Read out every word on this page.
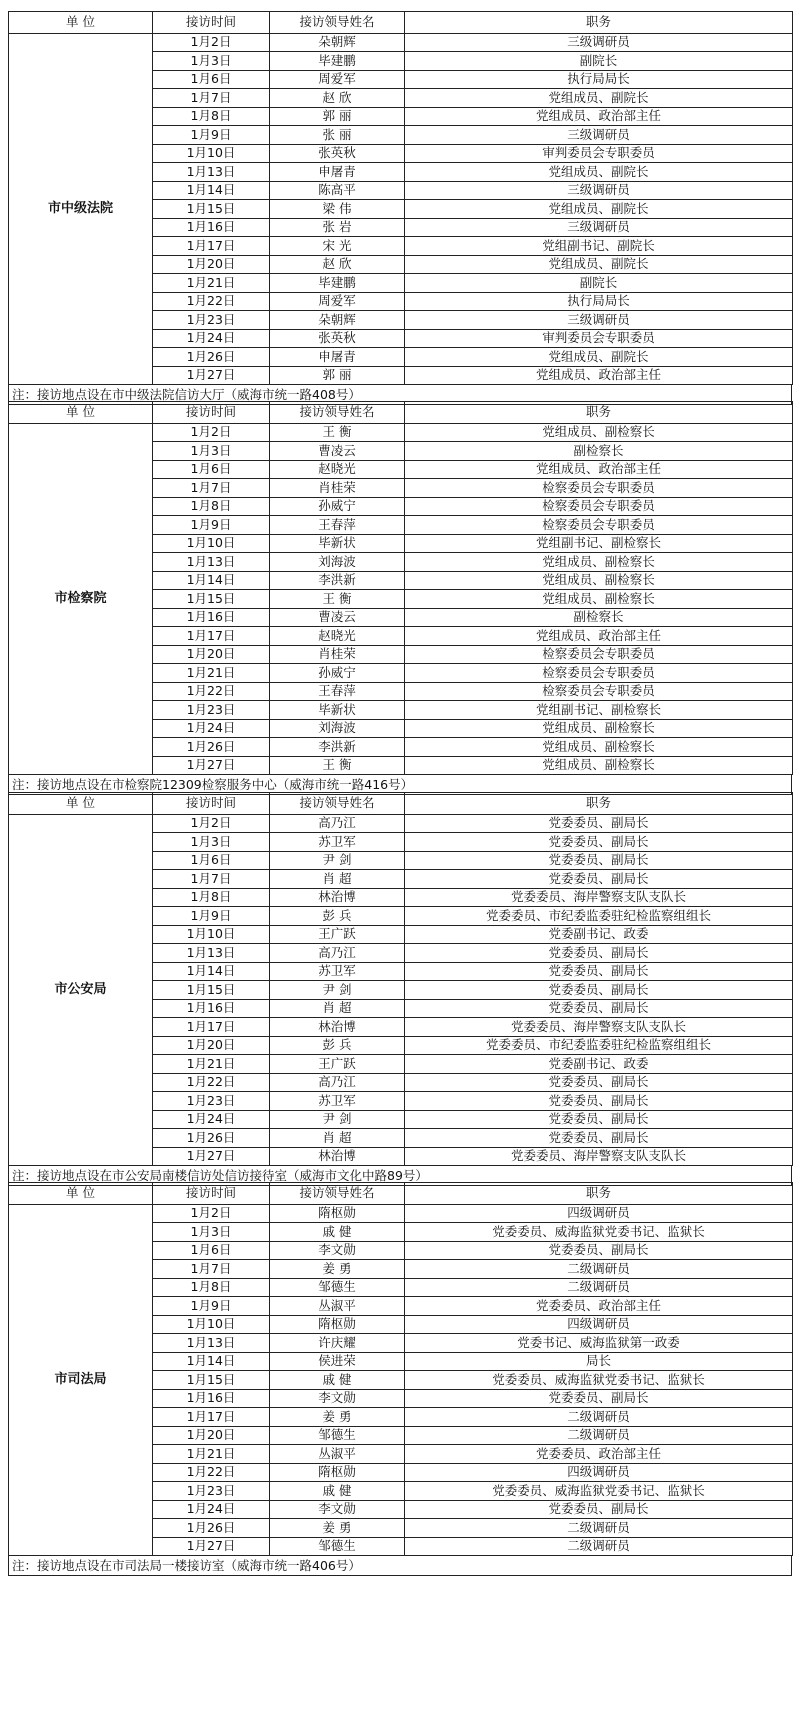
单 位	接访时间	接访领导姓名	职务
市中级法院	1月2日	朵朝辉	三级调研员
	1月3日	毕建鹏	副院长
	1月6日	周爱军	执行局局长
	1月7日	赵 欣	党组成员、副院长
	1月8日	郭 丽	党组成员、政治部主任
	1月9日	张 丽	三级调研员
	1月10日	张英秋	审判委员会专职委员
	1月13日	申屠青	党组成员、副院长
	1月14日	陈高平	三级调研员
	1月15日	梁 伟	党组成员、副院长
	1月16日	张 岩	三级调研员
	1月17日	宋 光	党组副书记、副院长
	1月20日	赵 欣	党组成员、副院长
	1月21日	毕建鹏	副院长
	1月22日	周爱军	执行局局长
	1月23日	朵朝辉	三级调研员
	1月24日	张英秋	审判委员会专职委员
	1月26日	申屠青	党组成员、副院长
	1月27日	郭 丽	党组成员、政治部主任
注：接访地点设在市中级法院信访大厅（威海市统一路408号）
单 位	接访时间	接访领导姓名	职务
市检察院	1月2日	王 衡	党组成员、副检察长
	1月3日	曹凌云	副检察长
	1月6日	赵晓光	党组成员、政治部主任
	1月7日	肖桂荣	检察委员会专职委员
	1月8日	孙威宁	检察委员会专职委员
	1月9日	王春萍	检察委员会专职委员
	1月10日	毕新状	党组副书记、副检察长
	1月13日	刘海波	党组成员、副检察长
	1月14日	李洪新	党组成员、副检察长
	1月15日	王 衡	党组成员、副检察长
	1月16日	曹凌云	副检察长
	1月17日	赵晓光	党组成员、政治部主任
	1月20日	肖桂荣	检察委员会专职委员
	1月21日	孙威宁	检察委员会专职委员
	1月22日	王春萍	检察委员会专职委员
	1月23日	毕新状	党组副书记、副检察长
	1月24日	刘海波	党组成员、副检察长
	1月26日	李洪新	党组成员、副检察长
	1月27日	王 衡	党组成员、副检察长
注：接访地点设在市检察院12309检察服务中心（威海市统一路416号）
单 位	接访时间	接访领导姓名	职务
市公安局	1月2日	高乃江	党委委员、副局长
	1月3日	苏卫军	党委委员、副局长
	1月6日	尹 剑	党委委员、副局长
	1月7日	肖 超	党委委员、副局长
	1月8日	林治博	党委委员、海岸警察支队支队长
	1月9日	彭 兵	党委委员、市纪委监委驻纪检监察组组长
	1月10日	王广跃	党委副书记、政委
	1月13日	高乃江	党委委员、副局长
	1月14日	苏卫军	党委委员、副局长
	1月15日	尹 剑	党委委员、副局长
	1月16日	肖 超	党委委员、副局长
	1月17日	林治博	党委委员、海岸警察支队支队长
	1月20日	彭 兵	党委委员、市纪委监委驻纪检监察组组长
	1月21日	王广跃	党委副书记、政委
	1月22日	高乃江	党委委员、副局长
	1月23日	苏卫军	党委委员、副局长
	1月24日	尹 剑	党委委员、副局长
	1月26日	肖 超	党委委员、副局长
	1月27日	林治博	党委委员、海岸警察支队支队长
注：接访地点设在市公安局南楼信访处信访接待室（威海市文化中路89号）
单 位	接访时间	接访领导姓名	职务
市司法局	1月2日	隋枢勋	四级调研员
	1月3日	戚 健	党委委员、威海监狱党委书记、监狱长
	1月6日	李文勋	党委委员、副局长
	1月7日	姜 勇	二级调研员
	1月8日	邹德生	二级调研员
	1月9日	丛淑平	党委委员、政治部主任
	1月10日	隋枢勋	四级调研员
	1月13日	许庆耀	党委书记、威海监狱第一政委
	1月14日	侯进荣	局长
	1月15日	戚 健	党委委员、威海监狱党委书记、监狱长
	1月16日	李文勋	党委委员、副局长
	1月17日	姜 勇	二级调研员
	1月20日	邹德生	二级调研员
	1月21日	丛淑平	党委委员、政治部主任
	1月22日	隋枢勋	四级调研员
	1月23日	戚 健	党委委员、威海监狱党委书记、监狱长
	1月24日	李文勋	党委委员、副局长
	1月26日	姜 勇	二级调研员
	1月27日	邹德生	二级调研员
注：接访地点设在市司法局一楼接访室（威海市统一路406号）
